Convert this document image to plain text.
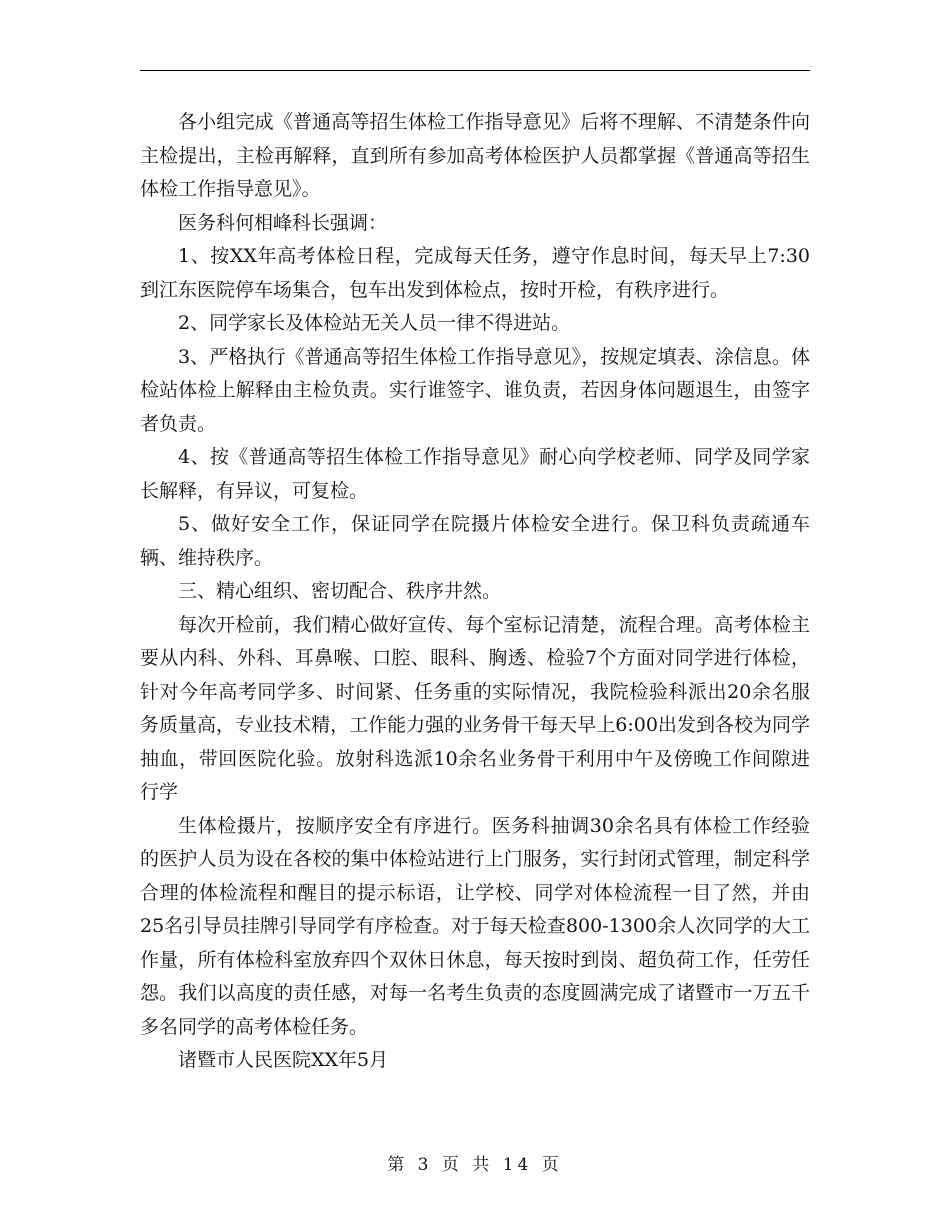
各小组完成《普通高等招生体检工作指导意见》后将不理解、不清楚条件向主检提出，主检再解释，直到所有参加高考体检医护人员都掌握《普通高等招生体检工作指导意见》。

医务科何相峰科长强调：

1、按XX年高考体检日程，完成每天任务，遵守作息时间，每天早上7:30到江东医院停车场集合，包车出发到体检点，按时开检，有秩序进行。

2、同学家长及体检站无关人员一律不得进站。

3、严格执行《普通高等招生体检工作指导意见》，按规定填表、涂信息。体检站体检上解释由主检负责。实行谁签字、谁负责，若因身体问题退生，由签字者负责。

4、按《普通高等招生体检工作指导意见》耐心向学校老师、同学及同学家长解释，有异议，可复检。

5、做好安全工作，保证同学在院摄片体检安全进行。保卫科负责疏通车辆、维持秩序。

三、精心组织、密切配合、秩序井然。

每次开检前，我们精心做好宣传、每个室标记清楚，流程合理。高考体检主要从内科、外科、耳鼻喉、口腔、眼科、胸透、检验7个方面对同学进行体检，针对今年高考同学多、时间紧、任务重的实际情况，我院检验科派出20余名服务质量高，专业技术精，工作能力强的业务骨干每天早上6:00出发到各校为同学抽血，带回医院化验。放射科选派10余名业务骨干利用中午及傍晚工作间隙进行学

生体检摄片，按顺序安全有序进行。医务科抽调30余名具有体检工作经验的医护人员为设在各校的集中体检站进行上门服务，实行封闭式管理，制定科学合理的体检流程和醒目的提示标语，让学校、同学对体检流程一目了然，并由25名引导员挂牌引导同学有序检查。对于每天检查800-1300余人次同学的大工作量，所有体检科室放弃四个双休日休息，每天按时到岗、超负荷工作，任劳任怨。我们以高度的责任感，对每一名考生负责的态度圆满完成了诸暨市一万五千多名同学的高考体检任务。

诸暨市人民医院XX年5月

第 3 页 共 14 页
